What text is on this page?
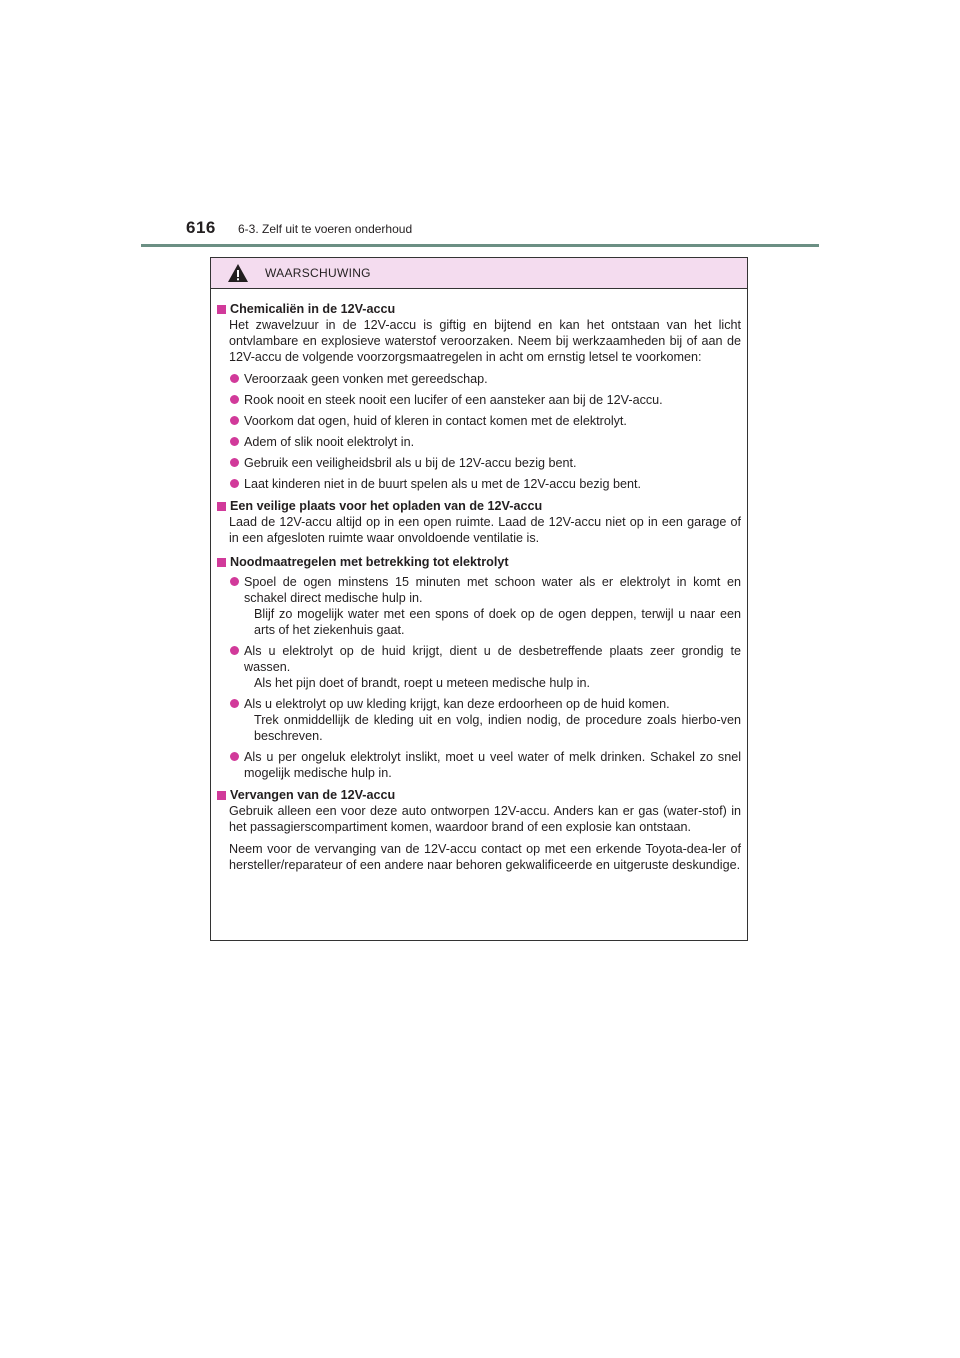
616 6-3. Zelf uit te voeren onderhoud
WAARSCHUWING
Chemicaliën in de 12V-accu
Het zwavelzuur in de 12V-accu is giftig en bijtend en kan het ontstaan van het licht ontvlambare en explosieve waterstof veroorzaken. Neem bij werkzaamheden bij of aan de 12V-accu de volgende voorzorgsmaatregelen in acht om ernstig letsel te voorkomen:
Veroorzaak geen vonken met gereedschap.
Rook nooit en steek nooit een lucifer of een aansteker aan bij de 12V-accu.
Voorkom dat ogen, huid of kleren in contact komen met de elektrolyt.
Adem of slik nooit elektrolyt in.
Gebruik een veiligheidsbril als u bij de 12V-accu bezig bent.
Laat kinderen niet in de buurt spelen als u met de 12V-accu bezig bent.
Een veilige plaats voor het opladen van de 12V-accu
Laad de 12V-accu altijd op in een open ruimte. Laad de 12V-accu niet op in een garage of in een afgesloten ruimte waar onvoldoende ventilatie is.
Noodmaatregelen met betrekking tot elektrolyt
Spoel de ogen minstens 15 minuten met schoon water als er elektrolyt in komt en schakel direct medische hulp in.
Blijf zo mogelijk water met een spons of doek op de ogen deppen, terwijl u naar een arts of het ziekenhuis gaat.
Als u elektrolyt op de huid krijgt, dient u de desbetreffende plaats zeer grondig te wassen.
Als het pijn doet of brandt, roept u meteen medische hulp in.
Als u elektrolyt op uw kleding krijgt, kan deze erdoorheen op de huid komen.
Trek onmiddellijk de kleding uit en volg, indien nodig, de procedure zoals hierbo-ven beschreven.
Als u per ongeluk elektrolyt inslikt, moet u veel water of melk drinken. Schakel zo snel mogelijk medische hulp in.
Vervangen van de 12V-accu
Gebruik alleen een voor deze auto ontworpen 12V-accu. Anders kan er gas (water-stof) in het passagierscompartiment komen, waardoor brand of een explosie kan ontstaan.
Neem voor de vervanging van de 12V-accu contact op met een erkende Toyota-dea-ler of hersteller/reparateur of een andere naar behoren gekwalificeerde en uitgeruste deskundige.
